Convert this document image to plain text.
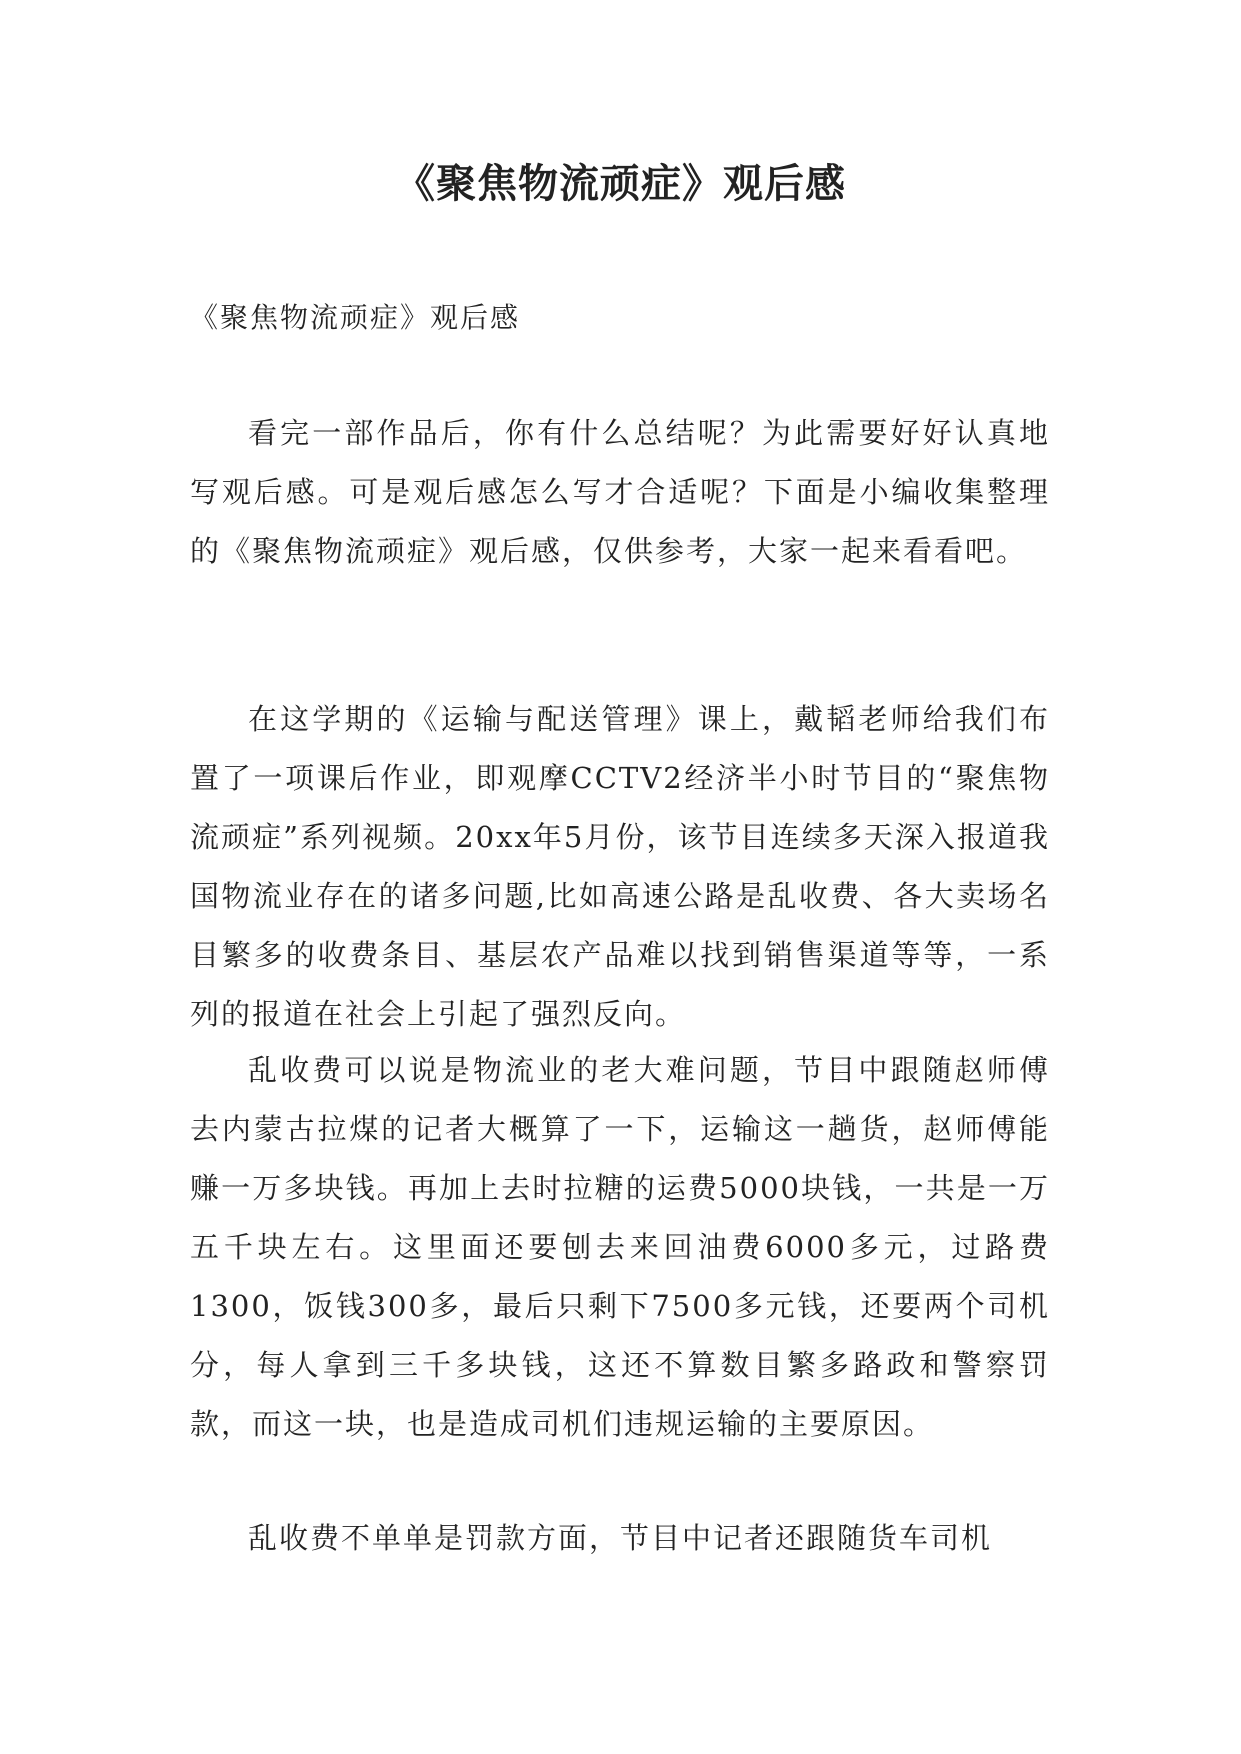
《聚焦物流顽症》观后感

《聚焦物流顽症》观后感

看完一部作品后，你有什么总结呢？为此需要好好认真地写观后感。可是观后感怎么写才合适呢？下面是小编收集整理的《聚焦物流顽症》观后感，仅供参考，大家一起来看看吧。

在这学期的《运输与配送管理》课上，戴韬老师给我们布置了一项课后作业，即观摩CCTV2经济半小时节目的“聚焦物流顽症”系列视频。20xx年5月份，该节目连续多天深入报道我国物流业存在的诸多问题,比如高速公路是乱收费、各大卖场名目繁多的收费条目、基层农产品难以找到销售渠道等等，一系列的报道在社会上引起了强烈反向。

乱收费可以说是物流业的老大难问题，节目中跟随赵师傅去内蒙古拉煤的记者大概算了一下，运输这一趟货，赵师傅能赚一万多块钱。再加上去时拉糖的运费5000块钱，一共是一万五千块左右。这里面还要刨去来回油费6000多元，过路费1300，饭钱300多，最后只剩下7500多元钱，还要两个司机分，每人拿到三千多块钱，这还不算数目繁多路政和警察罚款，而这一块，也是造成司机们违规运输的主要原因。

乱收费不单单是罚款方面，节目中记者还跟随货车司机
